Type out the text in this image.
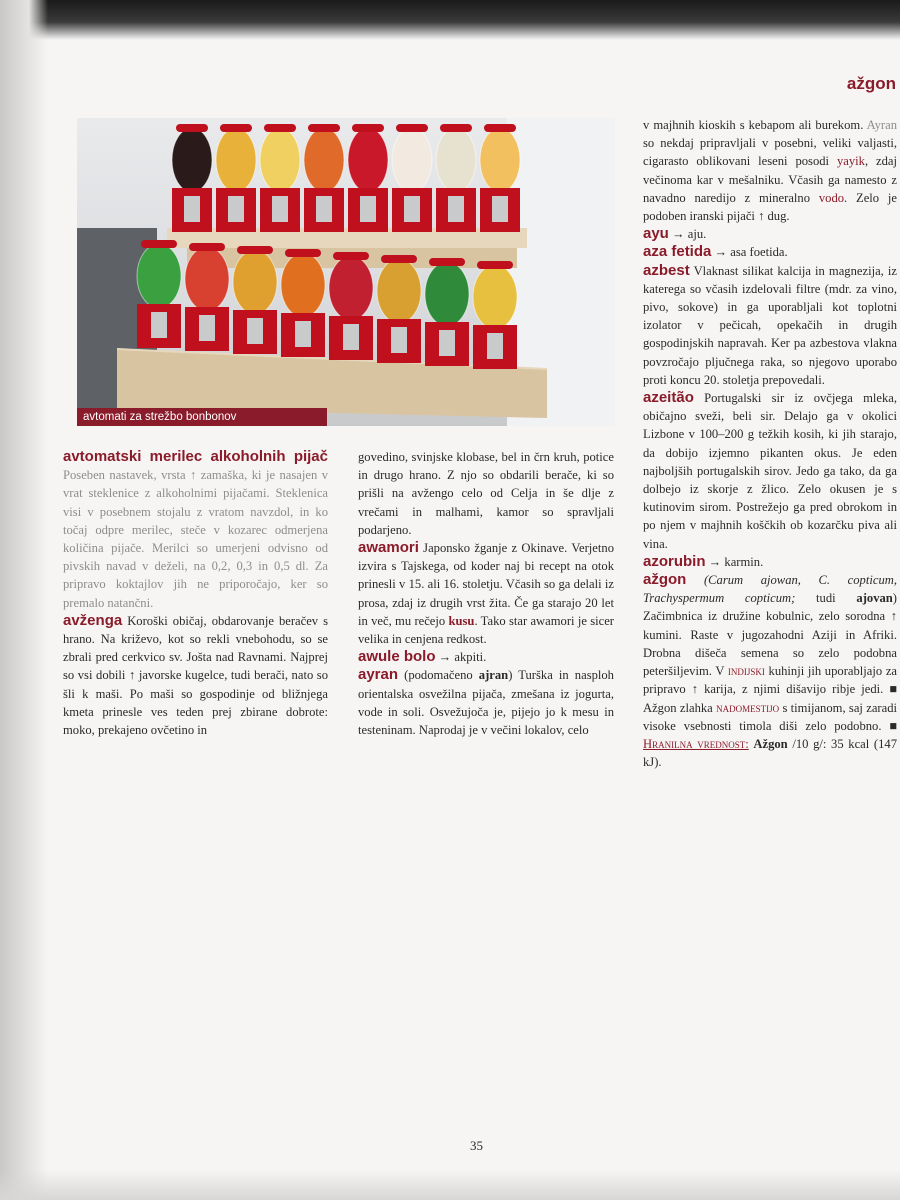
ažgon
avtomati za strežbo bonbonov

avtomatski merilec alkoholnih pijač Poseben nastavek, vrsta ↑ zamaška, ki je nasajen v vrat steklenice z alkoholnimi pijačami. Steklenica visi v posebnem stojalu z vratom navzdol, in ko točaj odpre merilec, steče v kozarec odmerjena količina pijače. Merilci so umerjeni odvisno od pivskih navad v deželi, na 0,2, 0,3 in 0,5 dl. Za pripravo koktajlov jih ne priporočajo, ker so premalo natančni.

avženga Koroški običaj, obdarovanje beračev s hrano. Na križevo, kot so rekli vnebohodu, so se zbrali pred cerkvico sv. Jošta nad Ravnami. Najprej so vsi dobili ↑ javorske kugelce, tudi berači, nato so šli k maši. Po maši so gospodinje od bližnjega kmeta prinesle ves teden prej zbirane dobrote: moko, prekajeno ovčetino in

govedino, svinjske klobase, bel in črn kruh, potice in drugo hrano. Z njo so obdarili berače, ki so prišli na avžengo celo od Celja in še dlje z vrečami in malhami, kamor so spravljali podarjeno.

awamori Japonsko žganje z Okinave. Verjetno izvira s Tajskega, od koder naj bi recept na otok prinesli v 15. ali 16. stoletju. Včasih so ga delali iz prosa, zdaj iz drugih vrst žita. Če ga starajo 20 let in več, mu rečejo kusu. Tako star awamori je sicer velika in cenjena redkost.

awule bolo → akpiti.

ayran (podomačeno ajran) Turška in nasploh orientalska osvežilna pijača, zmešana iz jogurta, vode in soli. Osvežujoča je, pijejo jo k mesu in testeninam. Naprodaj je v večini lokalov, celo

v majhnih kioskih s kebapom ali burekom. Ayran so nekdaj pripravljali v posebni, veliki valjasti, cigarasto oblikovani leseni posodi yayik, zdaj večinoma kar v mešalniku. Včasih ga namesto z navadno naredijo z mineralno vodo. Zelo je podoben iranski pijači ↑ dug.

ayu → aju.

aza fetida → asa foetida.

azbest Vlaknast silikat kalcija in magnezija, iz katerega so včasih izdelovali filtre (mdr. za vino, pivo, sokove) in ga uporabljali kot toplotni izolator v pečicah, opekačih in drugih gospodinjskih napravah. Ker pa azbestova vlakna povzročajo pljučnega raka, so njegovo uporabo proti koncu 20. stoletja prepovedali.

azeitão Portugalski sir iz ovčjega mleka, običajno sveži, beli sir. Delajo ga v okolici Lizbone v 100–200 g težkih kosih, ki jih starajo, da dobijo izjemno pikanten okus. Je eden najboljših portugalskih sirov. Jedo ga tako, da ga dolbejo iz skorje z žlico. Zelo okusen je s kutinovim sirom. Postrežejo ga pred obrokom in po njem v majhnih koščkih ob kozarčku piva ali vina.

azorubin → karmin.

ažgon (Carum ajowan, C. copticum, Trachyspermum copticum; tudi ajovan) Začimbnica iz družine kobulnic, zelo sorodna ↑ kumini. Raste v jugozahodni Aziji in Afriki. Drobna dišeča semena so zelo podobna peteršiljevim. V indijski kuhinji jih uporabljajo za pripravo ↑ karija, z njimi dišavijo ribje jedi. ■ Ažgon zlahka nadomestijo s timijanom, saj zaradi visoke vsebnosti timola diši zelo podobno. ■ Hranilna vrednost: Ažgon /10 g/: 35 kcal (147 kJ).

35
